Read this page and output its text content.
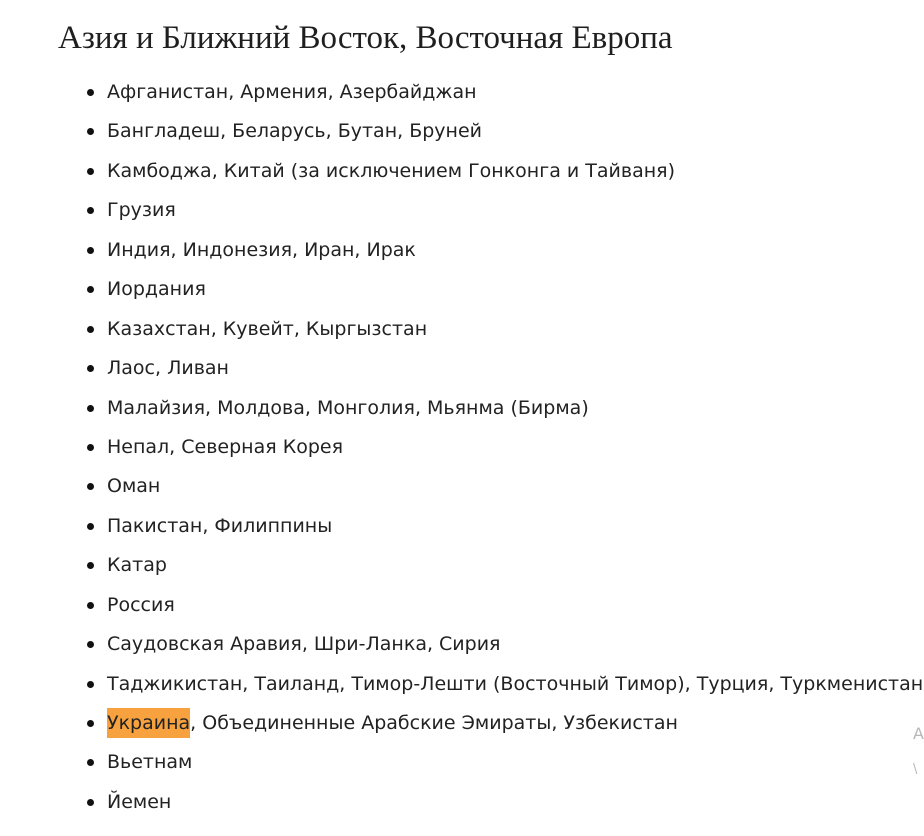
Азия и Ближний Восток, Восточная Европа
Афганистан, Армения, Азербайджан
Бангладеш, Беларусь, Бутан, Бруней
Камбоджа, Китай (за исключением Гонконга и Тайваня)
Грузия
Индия, Индонезия, Иран, Ирак
Иордания
Казахстан, Кувейт, Кыргызстан
Лаос, Ливан
Малайзия, Молдова, Монголия, Мьянма (Бирма)
Непал, Северная Корея
Оман
Пакистан, Филиппины
Катар
Россия
Саудовская Аравия, Шри-Ланка, Сирия
Таджикистан, Таиланд, Тимор-Лешти (Восточный Тимор), Турция, Туркменистан
Украина, Объединенные Арабские Эмираты, Узбекистан
Вьетнам
Йемен
A
\
